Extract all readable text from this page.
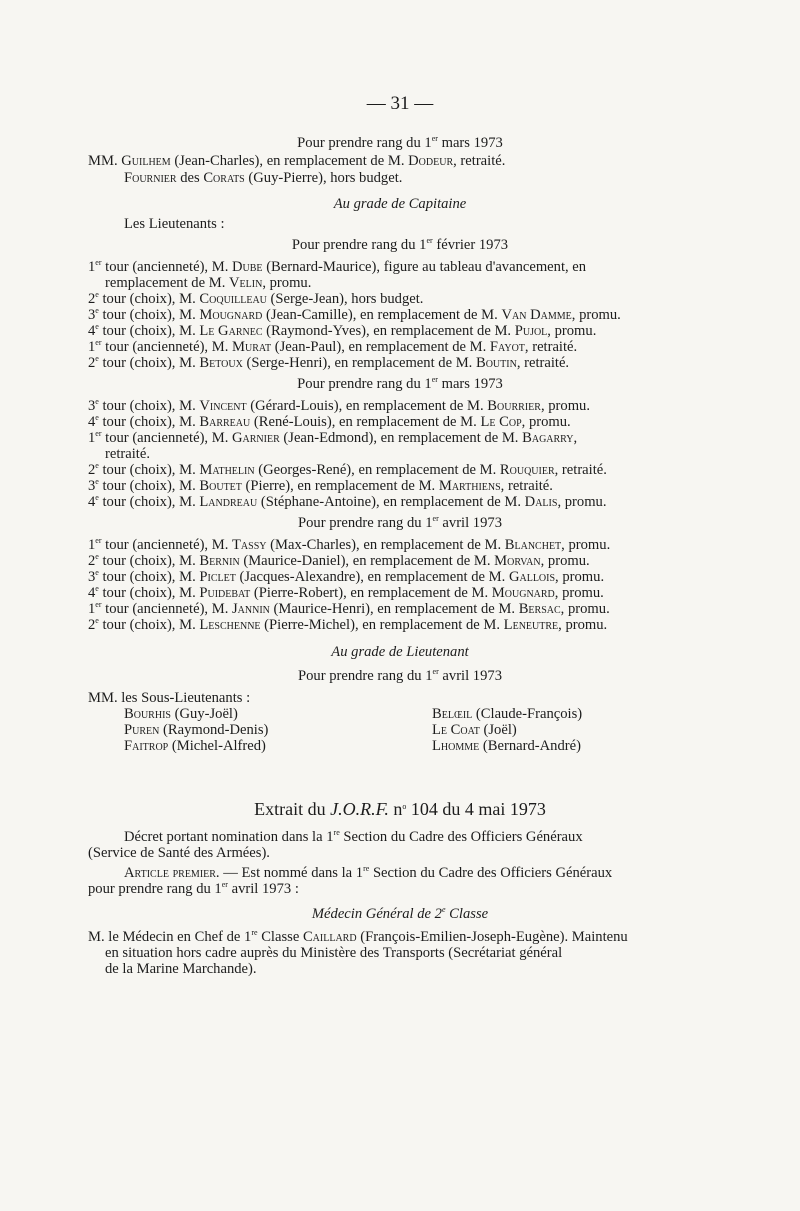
— 31 —
Pour prendre rang du 1er mars 1973
MM. Guilhem (Jean-Charles), en remplacement de M. Dodeur, retraité.
Fournier des Corats (Guy-Pierre), hors budget.
Au grade de Capitaine
Les Lieutenants :
Pour prendre rang du 1er février 1973
1er tour (ancienneté), M. Dube (Bernard-Maurice), figure au tableau d'avancement, en
remplacement de M. Velin, promu.
2e tour (choix), M. Coquilleau (Serge-Jean), hors budget.
3e tour (choix), M. Mougnard (Jean-Camille), en remplacement de M. Van Damme, promu.
4e tour (choix), M. Le Garnec (Raymond-Yves), en remplacement de M. Pujol, promu.
1er tour (ancienneté), M. Murat (Jean-Paul), en remplacement de M. Fayot, retraité.
2e tour (choix), M. Betoux (Serge-Henri), en remplacement de M. Boutin, retraité.
Pour prendre rang du 1er mars 1973
3e tour (choix), M. Vincent (Gérard-Louis), en remplacement de M. Bourrier, promu.
4e tour (choix), M. Barreau (René-Louis), en remplacement de M. Le Cop, promu.
1er tour (ancienneté), M. Garnier (Jean-Edmond), en remplacement de M. Bagarry,
retraité.
2e tour (choix), M. Mathelin (Georges-René), en remplacement de M. Rouquier, retraité.
3e tour (choix), M. Boutet (Pierre), en remplacement de M. Marthiens, retraité.
4e tour (choix), M. Landreau (Stéphane-Antoine), en remplacement de M. Dalis, promu.
Pour prendre rang du 1er avril 1973
1er tour (ancienneté), M. Tassy (Max-Charles), en remplacement de M. Blanchet, promu.
2e tour (choix), M. Bernin (Maurice-Daniel), en remplacement de M. Morvan, promu.
3e tour (choix), M. Piclet (Jacques-Alexandre), en remplacement de M. Gallois, promu.
4e tour (choix), M. Puidebat (Pierre-Robert), en remplacement de M. Mougnard, promu.
1er tour (ancienneté), M. Jannin (Maurice-Henri), en remplacement de M. Bersac, promu.
2e tour (choix), M. Leschenne (Pierre-Michel), en remplacement de M. Leneutre, promu.
Au grade de Lieutenant
Pour prendre rang du 1er avril 1973
MM. les Sous-Lieutenants :
Bourhis (Guy-Joël)
Puren (Raymond-Denis)
Faitrop (Michel-Alfred)
Belœil (Claude-François)
Le Coat (Joël)
Lhomme (Bernard-André)
Extrait du J.O.R.F. $n^o$ 104 du 4 mai 1973
Décret portant nomination dans la 1re Section du Cadre des Officiers Généraux
(Service de Santé des Armées).
Article premier. — Est nommé dans la 1re Section du Cadre des Officiers Généraux
pour prendre rang du 1er avril 1973 :
Médecin Général de 2e Classe
M. le Médecin en Chef de 1re Classe Caillard (François-Emilien-Joseph-Eugène). Maintenu
en situation hors cadre auprès du Ministère des Transports (Secrétariat général
de la Marine Marchande).
